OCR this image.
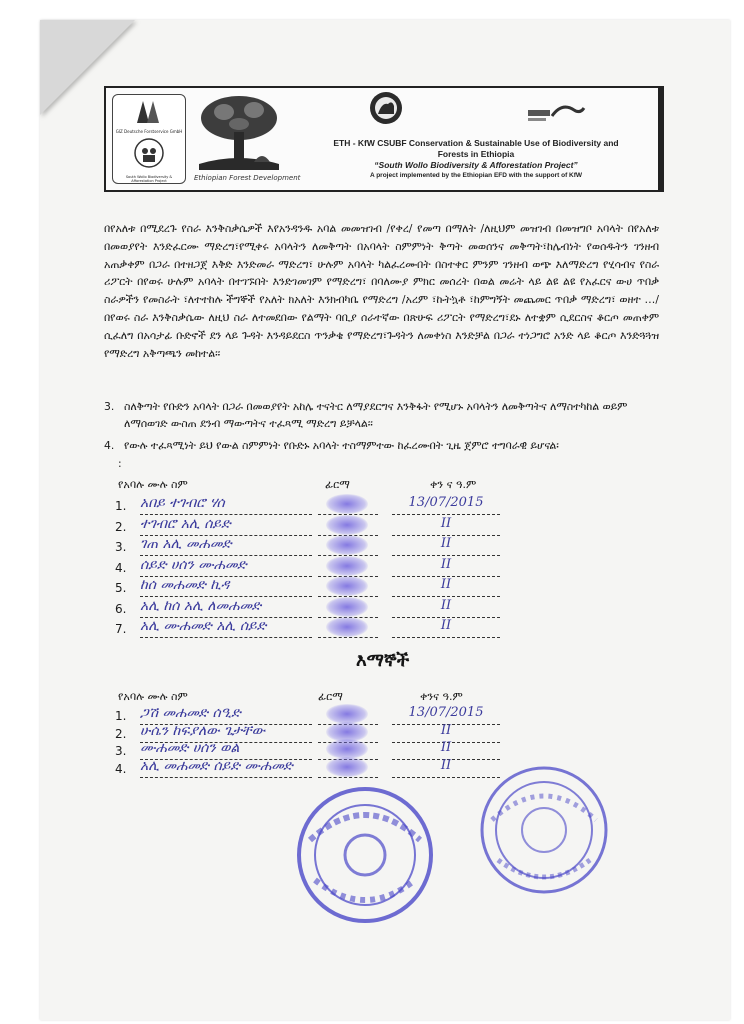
GIZ Deutsche Forstservice GmbH
South Wollo Biodiversity & Afforestation Project	Ethiopian Forest Development
ETH - KfW CSUBF Conservation & Sustainable Use of Biodiversity and
Forests in Ethiopia
“South Wollo Biodiversity & Afforestation Project”
A project implemented by the Ethiopian EFD with the support of KfW
በየአለቱ በሚደረጉ የስራ እንቅስቃሴዎች እየአንዳንዱ አባል መመዝገብ /የቀረ/ የመጣ በማለት /ለዚህም መዝገብ በመዝግቦ አባላት በየአለቱ በመወያየት እንድፈርሙ ማድረግ፣የሚቀሩ አባላትን ለመቅጣት በአባላት ስምምነት ቅጣት መወሰንና መቅጣት፣ከሌብነት የወሰዱትን ገንዘብ አጠቃቀም በጋራ በተዘጋጀ እቅድ እንድመራ ማድረግ፣ ሁሉም አባላት ካልፈረሙበት በስተቀር ምንም ገንዘብ ወጭ እለማድረግ የሂሳብና የስራ ሪፖርት በየወሩ ሁሉም አባላት በተገኙበት እንድገመገም የማድረግ፣ በባለሙያ ምክር መሰረት በወል መሬት ላይ ልዩ ልዩ የአፈርና ውሀ ጥበቃ ስራዎችን የመስራት ፣ለተተከሉ ችግኞች የአለት ክአለት እንክብካቤ የማድረግ /አረም ፣ኩትኳቶ ፣ከምግኝት መጨመር ጥበቃ ማድረግ፣ ወዘተ …/በየወሩ ስራ እንቅስቃሴው ለዚህ ስራ ለተመደበው የልማት ባቢያ ሰራተኛው በጽሁፍ ሪፖርት የማድረግ፣ደኑ ለተቋም ሲደርስና ቆርጦ መጠቀም ሲፈለግ በአሳታፊ ቡድኖች ደን ላይ ጉዳት እንዳይደርስ ጥንቃቄ የማድረግ፣ጉዳትን ለመቀነስ እንድቻል በጋራ ተነጋግሮ አንድ ላይ ቆርጦ እንድጓጓዝ የማድረግ አቅጣጫን መከተል፡፡
3. ስለቅጣት የቡድን አባላት በጋራ በመወያየት አከሌ ተናትር ለማያደርግና እንቅፋት የሚሆኑ አባላትን ለመቅጣትና ለማስተካከል ወይም ለማሰወገድ ውስጠ ደንብ ማውጣትና ተፈጻሚ ማድረግ ይቻላል፡፡
4. የውሉ ተፈጻሚነት ይህ የውል ስምምነት የቡድኑ አባላት ተስማምተው ከፈረሙበት ጊዜ ጀምሮ ተግባራዊ ይሆናል፡
:
የአባሉ ሙሉ ስም	ፊርማ	ቀን ና ዓ.ም
1. አበይ ተገብሮ ሃሰ	13/07/2015
2. ተገብሮ አሊ ሰይድ	II
3. ገጠ አሊ መሐመድ	II
4. ሰይድ ሀሰን ሙሐመድ	II
5. ከሰ መሐመድ ኪዳ	II
6. አሊ ከሰ አሊ ለመሐመድ	II
7. አሊ ሙሐመድ አሊ ሰይድ	II
እማኞች
የአባሉ ሙሉ ስም	ፊርማ	ቀንና ዓ.ም
1. ጋሽ መሐመድ ሰዒድ	13/07/2015
2. ሁሴን ከፍያለው ጌታቸው	II
3. ሙሐመድ ሀሰን ወል	II
4. አሊ መሐመድ ሰይድ ሙሐመድ	II
